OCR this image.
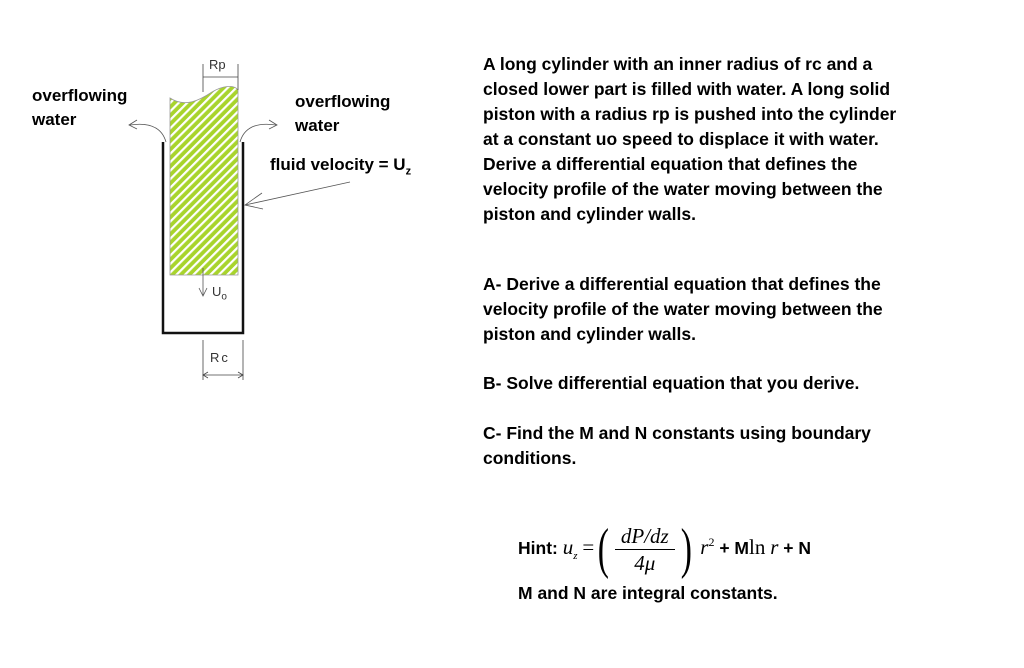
overflowing
water
overflowing
water
fluid velocity = $U_z$
Rp
Rc
$U_o$
A long cylinder with an inner radius of rc and a
closed lower part is filled with water. A long solid
piston with a radius rp is pushed into the cylinder
at a constant uo speed to displace it with water.
Derive a differential equation that defines the
velocity profile of the water moving between the
piston and cylinder walls.
A- Derive a differential equation that defines the
velocity profile of the water moving between the
piston and cylinder walls.
B- Solve differential equation that you derive.
C- Find the M and N constants using boundary
conditions.
Hint: $u_z$ =( $\frac{dP/dz}{4\mu}$ ) $r^2 + Mln$ r + N
M and N are integral constants.
